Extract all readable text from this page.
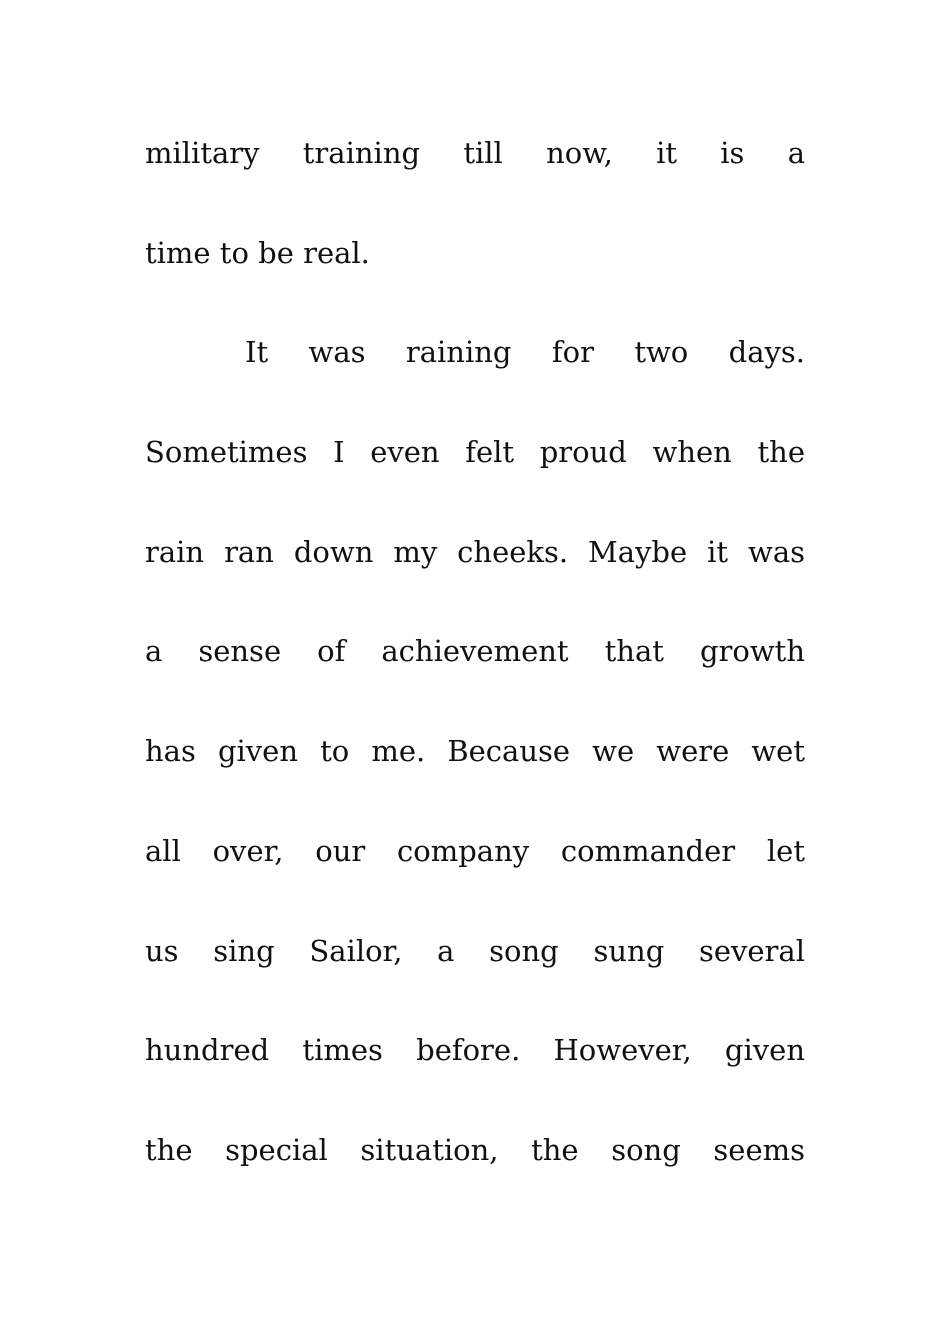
military training till now, it is a
time to be real.
It was raining for two days.
Sometimes I even felt proud when the
rain ran down my cheeks. Maybe it was
a sense of achievement that growth
has given to me. Because we were wet
all over, our company commander let
us sing Sailor, a song sung several
hundred times before. However, given
the special situation, the song seems
